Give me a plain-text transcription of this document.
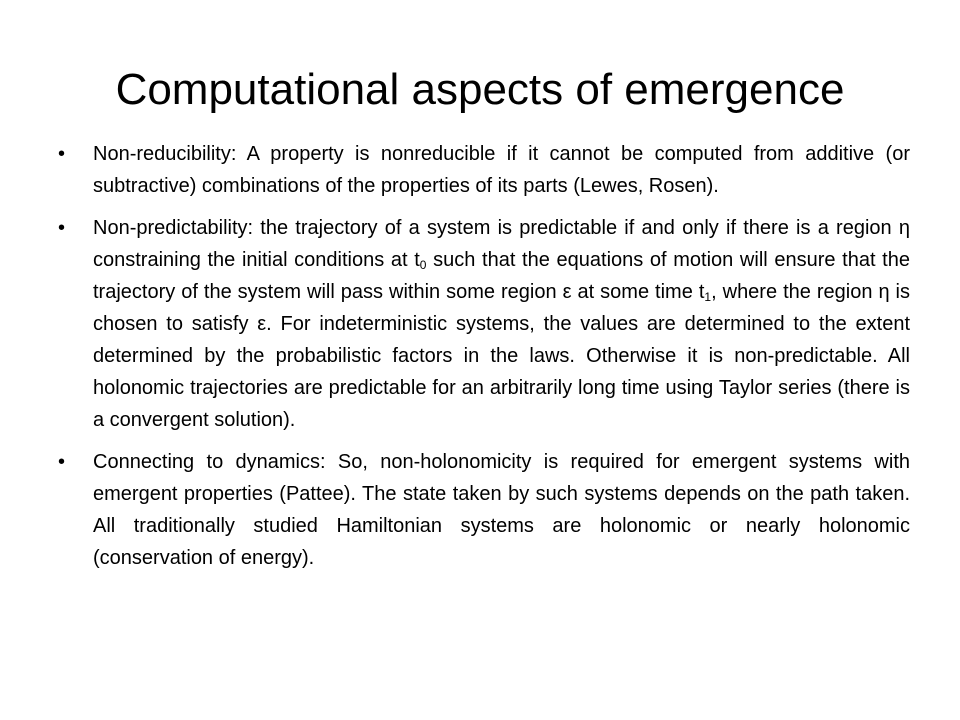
Computational aspects of emergence
•	Non-reducibility: A property is nonreducible if it cannot be computed from additive (or subtractive) combinations of the properties of its parts (Lewes, Rosen).
•	Non-predictability: the trajectory of a system is predictable if and only if there is a region η constraining the initial conditions at $t_0$ such that the equations of motion will ensure that the trajectory of the system will pass within some region ε at some time $t_1$, where the region η is chosen to satisfy ε. For indeterministic systems, the values are determined to the extent determined by the probabilistic factors in the laws. Otherwise it is non-predictable. All holonomic trajectories are predictable for an arbitrarily long time using Taylor series (there is a convergent solution).
•	Connecting to dynamics: So, non-holonomicity is required for emergent systems with emergent properties (Pattee). The state taken by such systems depends on the path taken. All traditionally studied Hamiltonian systems are holonomic or nearly holonomic (conservation of energy).
